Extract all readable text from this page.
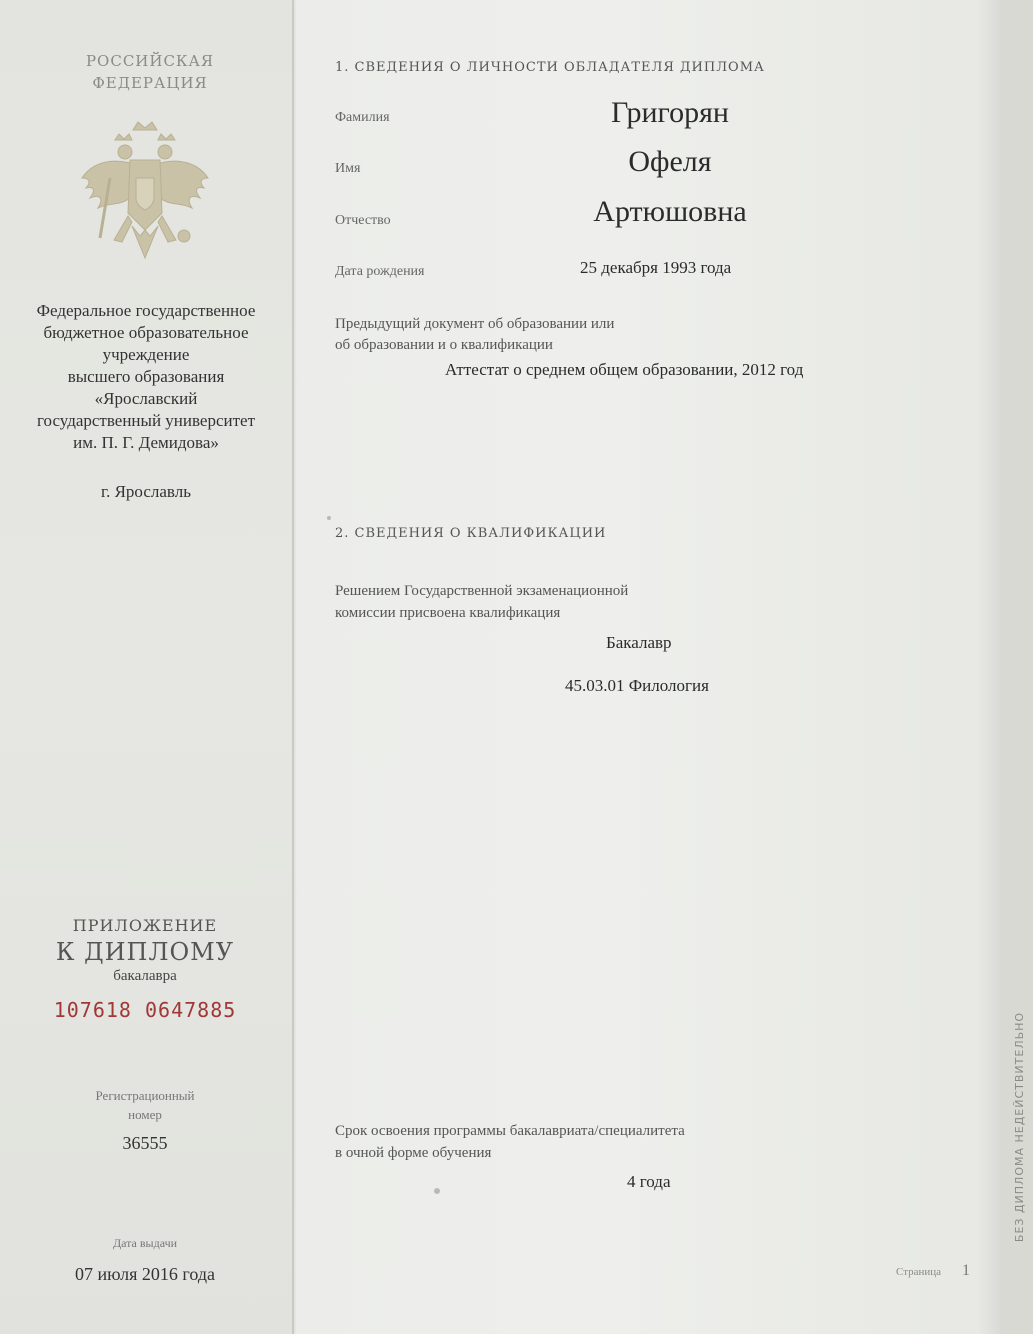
РОССИЙСКАЯ
ФЕДЕРАЦИЯ
Федеральное государственное
бюджетное образовательное
учреждение
высшего образования
«Ярославский
государственный университет
им. П. Г. Демидова»
г. Ярославль
ПРИЛОЖЕНИЕ
К ДИПЛОМУ
бакалавра
107618 0647885
Регистрационный
номер
36555
Дата выдачи
07 июля 2016 года
1. СВЕДЕНИЯ О ЛИЧНОСТИ ОБЛАДАТЕЛЯ ДИПЛОМА
Фамилия	Григорян
Имя	Офеля
Отчество	Артюшовна
Дата рождения	25 декабря 1993 года
Предыдущий документ об образовании или
об образовании и о квалификации
Аттестат о среднем общем образовании, 2012 год
2. СВЕДЕНИЯ О КВАЛИФИКАЦИИ
Решением Государственной экзаменационной
комиссии присвоена квалификация
Бакалавр
45.03.01 Филология
Срок освоения программы бакалавриата/специалитета
в очной форме обучения
4 года	БЕЗ ДИПЛОМА НЕДЕЙСТВИТЕЛЬНО
Страница 1
